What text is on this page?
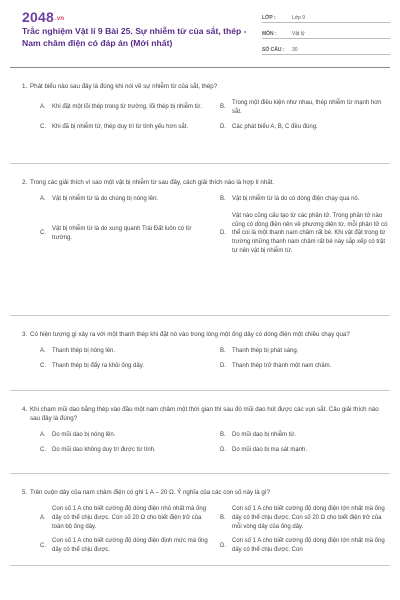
2048.vn
Trắc nghiệm Vật lí 9 Bài 25. Sự nhiễm từ của sắt, thép - Nam châm điện có đáp án (Mới nhất)
LỚP :	Lớp 9
MÔN :	Vật lý
SỐ CÂU :	30
1. Phát biểu nào sau đây là đúng khi nói về sự nhiễm từ của sắt, thép?
A.	Khi đặt một lõi thép trong từ trường, lõi thép bị nhiễm từ.	B.
Trong một điều kiện như nhau, thép nhiễm từ mạnh hơn sắt.
C.	Khi đã bị nhiễm từ, thép duy trì từ tính yếu hơn sắt.	D.	Các phát biểu A, B, C đều đúng.
2. Trong các giải thích vì sao một vật bị nhiễm từ sau đây, cách giải thích nào là hợp lí nhất.
A.	Vật bị nhiễm từ là do chúng bị nóng lên.	B.	Vật bị nhiễm từ là do có dòng điện chạy qua nó.
C.
Vật bị nhiễm từ là do xung quanh Trái Đất luôn có từ trường.
D.
Vật nào cũng cấu tạo từ các phân tử. Trong phân tử nào cũng có dòng điện nên về phương diện từ, mỗi phân tử có thể coi là một thanh nam châm rất bé. Khi vật đặt trong từ trường những thanh nam châm rất bé này sắp xếp có trật tự nên vật bị nhiễm từ.
3. Có hiện tượng gì xảy ra với một thanh thép khi đặt nó vào trong lòng một ống dây có dòng điện một chiều chạy qua?
A.	Thanh thép bị nóng lên.	B.	Thanh thép bị phát sáng.
C.	Thanh thép bị đẩy ra khỏi ống dây.	D.	Thanh thép trở thành một nam châm.
4. Khi chạm mũi dao bằng thép vào đầu một nam châm một thời gian thì sau đó mũi dao hút được các vụn sắt. Câu giải thích nào sau đây là đúng?
A.	Do mũi dao bị nóng lên.	B.	Do mũi dao bị nhiễm từ.
C.	Do mũi dao không duy trì được từ tính.	D.	Do mũi dao bị ma sát mạnh.
5. Trên cuộn dây của nam châm điện có ghi 1 A – 20 Ω. Ý nghĩa của các con số này là gì?
A.
Con số 1 A cho biết cường độ dòng điện nhỏ nhất mà ống dây có thể chịu được. Con số 20 Ω cho biết điện trở của toàn bộ ống dây.
B.
Con số 1 A cho biết cường độ dòng điện lớn nhất mà ống dây có thể chịu được. Con số 20 Ω cho biết điện trở của mỗi vòng dây của ống dây.
C.
Con số 1 A cho biết cường độ dòng điện định mức mà ống dây có thể chịu được.
D.
Con số 1 A cho biết cường độ dòng điện lớn nhất mà ống dây có thể chịu được. Con
